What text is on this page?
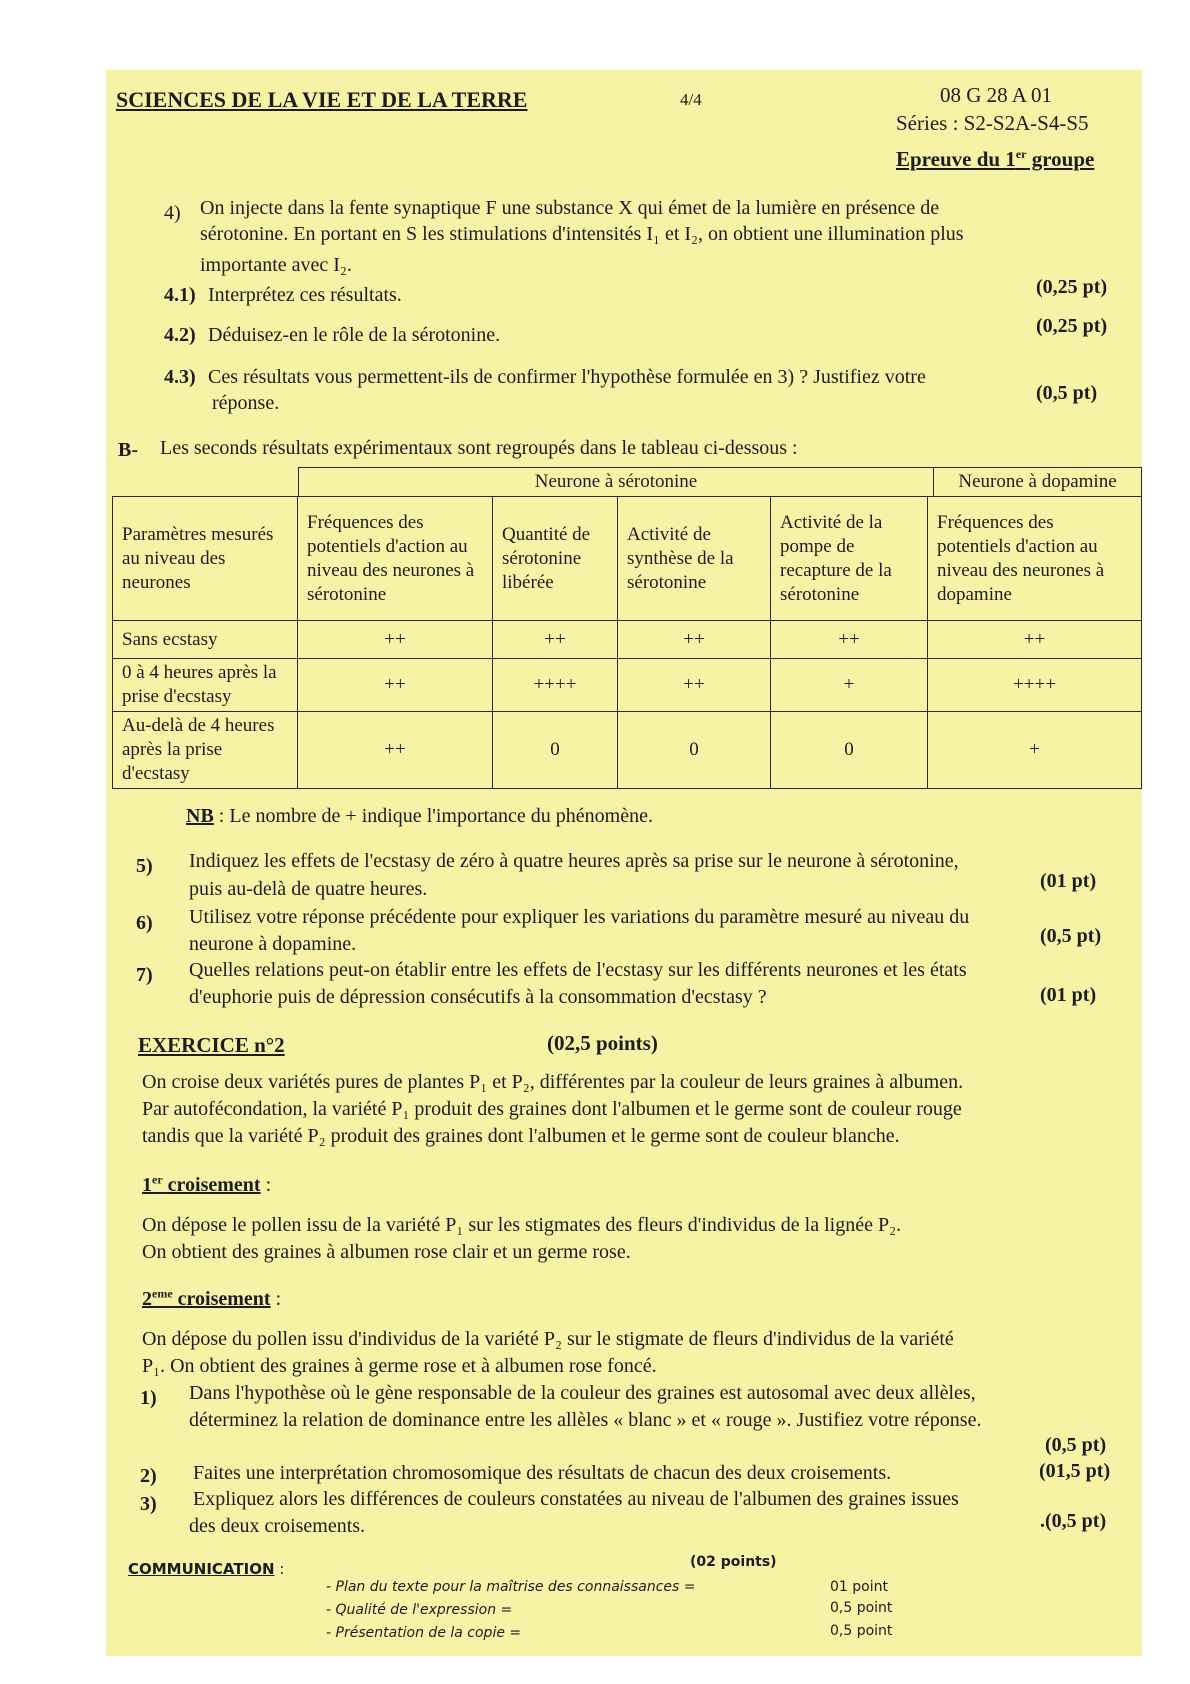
SCIENCES DE LA VIE ET DE LA TERRE	4/4	08 G 28 A 01
Séries : S2-S2A-S4-S5
Epreuve du 1er groupe
4) On injecte dans la fente synaptique F une substance X qui émet de la lumière en présence de
sérotonine. En portant en S les stimulations d'intensités I₁ et I₂, on obtient une illumination plus
importante avec I₂.
4.1) Interprétez ces résultats.	(0,25 pt)
4.2) Déduisez-en le rôle de la sérotonine.	(0,25 pt)
4.3) Ces résultats vous permettent-ils de confirmer l'hypothèse formulée en 3) ? Justifiez votre
réponse.	(0,5 pt)
B- Les seconds résultats expérimentaux sont regroupés dans le tableau ci-dessous :
Neurone à sérotonine	Neurone à dopamine
Paramètres mesurés au niveau des neurones	Fréquences des potentiels d'action au niveau des neurones à sérotonine	Quantité de sérotonine libérée	Activité de synthèse de la sérotonine	Activité de la pompe de recapture de la sérotonine	Fréquences des potentiels d'action au niveau des neurones à dopamine
Sans ecstasy	++	++	++	++	++
0 à 4 heures après la prise d'ecstasy	++	++++	++	+	++++
Au-delà de 4 heures après la prise d'ecstasy	++	0	0	0	+
NB : Le nombre de + indique l'importance du phénomène.
5) Indiquez les effets de l'ecstasy de zéro à quatre heures après sa prise sur le neurone à sérotonine,
puis au-delà de quatre heures.	(01 pt)
6) Utilisez votre réponse précédente pour expliquer les variations du paramètre mesuré au niveau du
neurone à dopamine.	(0,5 pt)
7) Quelles relations peut-on établir entre les effets de l'ecstasy sur les différents neurones et les états
d'euphorie puis de dépression consécutifs à la consommation d'ecstasy ?	(01 pt)
EXERCICE n°2	(02,5 points)
On croise deux variétés pures de plantes P₁ et P₂, différentes par la couleur de leurs graines à albumen.
Par autofécondation, la variété P₁ produit des graines dont l'albumen et le germe sont de couleur rouge
tandis que la variété P₂ produit des graines dont l'albumen et le germe sont de couleur blanche.
1er croisement :
On dépose le pollen issu de la variété P₁ sur les stigmates des fleurs d'individus de la lignée P₂.
On obtient des graines à albumen rose clair et un germe rose.
2eme croisement :
On dépose du pollen issu d'individus de la variété P₂ sur le stigmate de fleurs d'individus de la variété
P₁. On obtient des graines à germe rose et à albumen rose foncé.
1) Dans l'hypothèse où le gène responsable de la couleur des graines est autosomal avec deux allèles,
déterminez la relation de dominance entre les allèles « blanc » et « rouge ». Justifiez votre réponse.
(0,5 pt)
2) Faites une interprétation chromosomique des résultats de chacun des deux croisements.	(01,5 pt)
3) Expliquez alors les différences de couleurs constatées au niveau de l'albumen des graines issues
des deux croisements.	.(0,5 pt)
COMMUNICATION :	(02 points)
- Plan du texte pour la maîtrise des connaissances =	01 point
- Qualité de l'expression =	0,5 point
- Présentation de la copie =	0,5 point
